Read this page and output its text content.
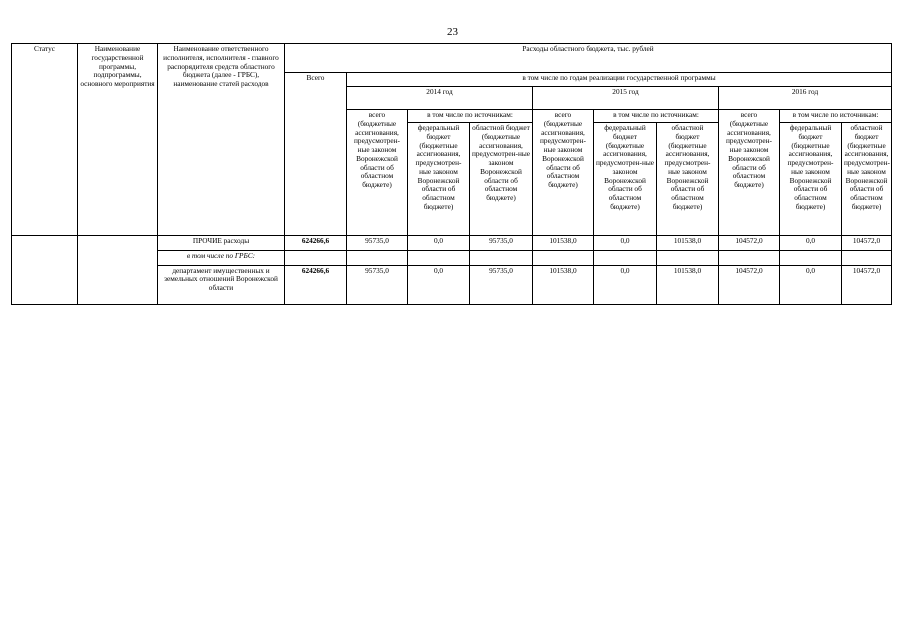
23
Статус	Наименование государственной программы, подпрограммы, основного мероприятия	Наименование ответственного исполнителя, исполнителя - главного распорядителя средств областного бюджета (далее - ГРБС), наименование статей расходов	Расходы областного бюджета, тыс. рублей									
			Всего	в том числе по годам реализации государственной программы								
				2014 год			2015 год			2016 год		
				всего (бюджетные ассигнования, предусмотрен-ные законом Воронежской области об областном бюджете)	в том числе по источникам:		всего (бюджетные ассигнования, предусмотрен-ные законом Воронежской области об областном бюджете)	в том числе по источникам:		всего (бюджетные ассигнования, предусмотрен-ные законом Воронежской области об областном бюджете)	в том числе по источникам:	
					федеральный бюджет (бюджетные ассигнования, предусмотрен-ные законом Воронежской области об областном бюджете)	областной бюджет (бюджетные ассигнования, предусмотрен-ные законом Воронежской области об областном бюджете)		федеральный бюджет (бюджетные ассигнования, предусмотрен-ные законом Воронежской области об областном бюджете)	областной бюджет (бюджетные ассигнования, предусмотрен-ные законом Воронежской области об областном бюджете)		федеральный бюджет (бюджетные ассигнования, предусмотрен-ные законом Воронежской области об областном бюджете)	областной бюджет (бюджетные ассигнования, предусмотрен-ные законом Воронежской области об областном бюджете)
		ПРОЧИЕ расходы	624266,6	95735,0	0,0	95735,0	101538,0	0,0	101538,0	104572,0	0,0	104572,0
		в том числе по ГРБС:										
		департамент имущественных и земельных отношений Воронежской области	624266,6	95735,0	0,0	95735,0	101538,0	0,0	101538,0	104572,0	0,0	104572,0
